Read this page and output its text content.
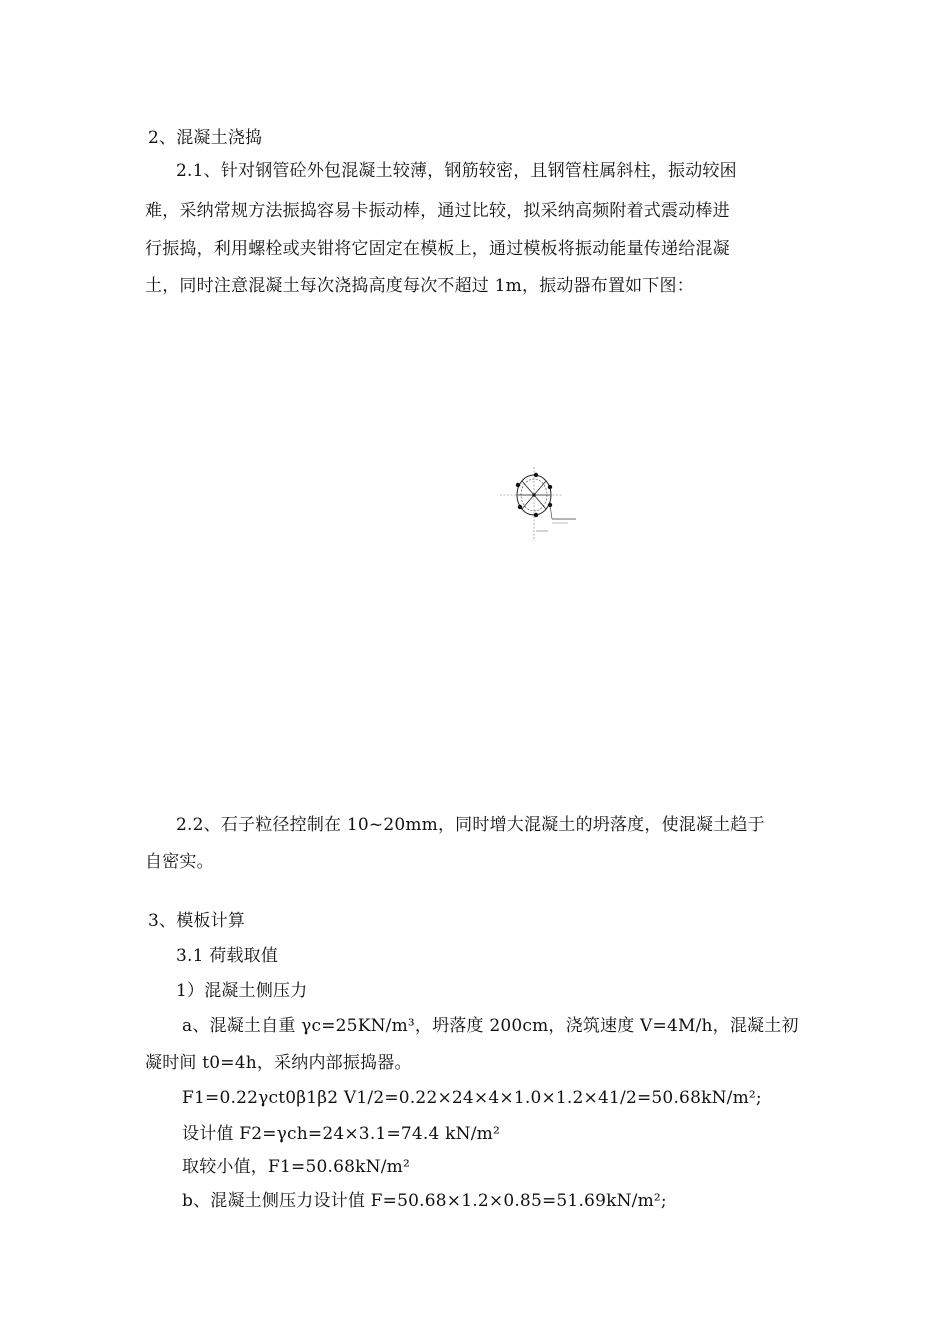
2、混凝土浇捣
2.1、针对钢管砼外包混凝土较薄，钢筋较密，且钢管柱属斜柱，振动较困
难，采纳常规方法振捣容易卡振动棒，通过比较，拟采纳高频附着式震动棒进
行振捣，利用螺栓或夹钳将它固定在模板上，通过模板将振动能量传递给混凝
土，同时注意混凝土每次浇捣高度每次不超过 1m，振动器布置如下图：
2.2、石子粒径控制在 10~20mm，同时增大混凝土的坍落度，使混凝土趋于
自密实。
3、模板计算
3.1 荷载取值
1）混凝土侧压力
a、混凝土自重 γc=25KN/m³，坍落度 200cm，浇筑速度 V=4M/h，混凝土初
凝时间 t0=4h，采纳内部振捣器。
F1=0.22γct0β1β2 V1/2=0.22×24×4×1.0×1.2×41/2=50.68kN/m²;
设计值 F2=γch=24×3.1=74.4 kN/m²
取较小值，F1=50.68kN/m²
b、混凝土侧压力设计值 F=50.68×1.2×0.85=51.69kN/m²;
